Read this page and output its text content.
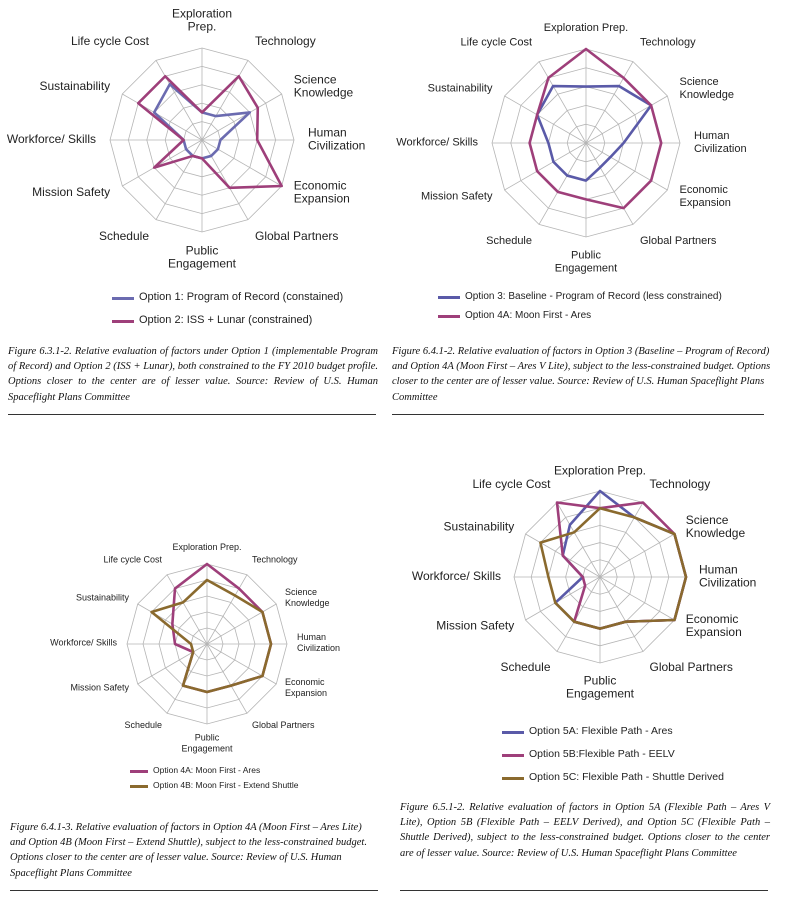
Exploration Prep.
Technology
Science Knowledge
Human Civilization
Economic Expansion
Global Partners
Public Engagement
Schedule
Mission Safety
Workforce/ Skills
Sustainability
Life cycle Cost
Option 1: Program of Record (constained)
Option 2: ISS + Lunar (constrained)
Figure 6.3.1-2. Relative evaluation of factors under Option 1 (implementable Program of Record) and Option 2 (ISS + Lunar), both constrained to the FY 2010 budget profile. Options closer to the center are of lesser value. Source: Review of U.S. Human Spaceflight Plans Committee
Exploration Prep.
Technology
Science Knowledge
Human Civilization
Economic Expansion
Global Partners
Public Engagement
Schedule
Mission Safety
Workforce/ Skills
Sustainability
Life cycle Cost
Option 3: Baseline - Program of Record (less constrained)
Option 4A: Moon First - Ares
Figure 6.4.1-2. Relative evaluation of factors in Option 3 (Baseline – Program of Record) and Option 4A (Moon First – Ares V Lite), subject to the less-constrained budget. Options closer to the center are of lesser value. Source: Review of U.S. Human Spaceflight Plans Committee
Exploration Prep.
Technology
Science Knowledge
Human Civilization
Economic Expansion
Global Partners
Public Engagement
Schedule
Mission Safety
Workforce/ Skills
Sustainability
Life cycle Cost
Option 4A: Moon First - Ares
Option 4B: Moon First - Extend Shuttle
Figure 6.4.1-3. Relative evaluation of factors in Option 4A (Moon First – Ares Lite) and Option 4B (Moon First – Extend Shuttle), subject to the less-constrained budget. Options closer to the center are of lesser value. Source: Review of U.S. Human Spaceflight Plans Committee
Exploration Prep.
Technology
Science Knowledge
Human Civilization
Economic Expansion
Global Partners
Public Engagement
Schedule
Mission Safety
Workforce/ Skills
Sustainability
Life cycle Cost
Option 5A: Flexible Path - Ares
Option 5B:Flexible Path - EELV
Option 5C: Flexible Path - Shuttle Derived
Figure 6.5.1-2. Relative evaluation of factors in Option 5A (Flexible Path – Ares V Lite), Option 5B (Flexible Path – EELV Derived), and Option 5C (Flexible Path – Shuttle Derived), subject to the less-constrained budget. Options closer to the center are of lesser value. Source: Review of U.S. Human Spaceflight Plans Committee
